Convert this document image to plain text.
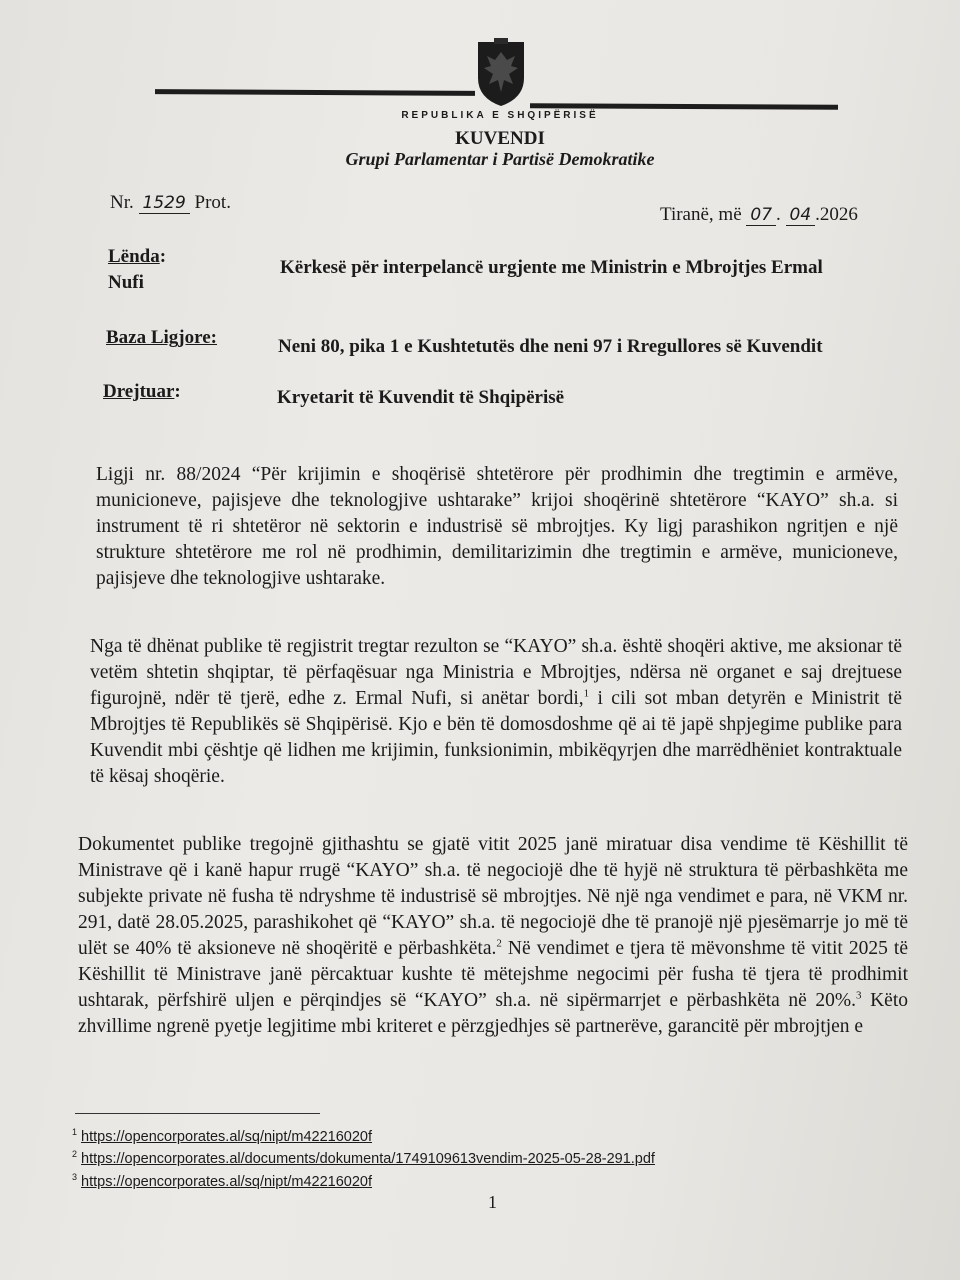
REPUBLIKA E SHQIPËRISË
KUVENDI
Grupi Parlamentar i Partisë Demokratike
Nr. 1529 Prot.
Tiranë, më 07 . 04 .2026
Lënda:
Nufi
Kërkesë për interpelancë urgjente me Ministrin e Mbrojtjes Ermal
Baza Ligjore:	Neni 80, pika 1 e Kushtetutës dhe neni 97 i Rregullores së Kuvendit
Drejtuar:	Kryetarit të Kuvendit të Shqipërisë

Ligji nr. 88/2024 “Për krijimin e shoqërisë shtetërore për prodhimin dhe tregtimin e armëve, municioneve, pajisjeve dhe teknologjive ushtarake” krijoi shoqërinë shtetërore “KAYO” sh.a. si instrument të ri shtetëror në sektorin e industrisë së mbrojtjes. Ky ligj parashikon ngritjen e një strukture shtetërore me rol në prodhimin, demilitarizimin dhe tregtimin e armëve, municioneve, pajisjeve dhe teknologjive ushtarake.

Nga të dhënat publike të regjistrit tregtar rezulton se “KAYO” sh.a. është shoqëri aktive, me aksionar të vetëm shtetin shqiptar, të përfaqësuar nga Ministria e Mbrojtjes, ndërsa në organet e saj drejtuese figurojnë, ndër të tjerë, edhe z. Ermal Nufi, si anëtar bordi,$^1$ i cili sot mban detyrën e Ministrit të Mbrojtjes të Republikës së Shqipërisë. Kjo e bën të domosdoshme që ai të japë shpjegime publike para Kuvendit mbi çështje që lidhen me krijimin, funksionimin, mbikëqyrjen dhe marrëdhëniet kontraktuale të kësaj shoqërie.

Dokumentet publike tregojnë gjithashtu se gjatë vitit 2025 janë miratuar disa vendime të Këshillit të Ministrave që i kanë hapur rrugë “KAYO” sh.a. të negociojë dhe të hyjë në struktura të përbashkëta me subjekte private në fusha të ndryshme të industrisë së mbrojtjes. Në një nga vendimet e para, në VKM nr. 291, datë 28.05.2025, parashikohet që “KAYO” sh.a. të negociojë dhe të pranojë një pjesëmarrje jo më të ulët se 40% të aksioneve në shoqëritë e përbashkëta.$^2$ Në vendimet e tjera të mëvonshme të vitit 2025 të Këshillit të Ministrave janë përcaktuar kushte të mëtejshme negocimi për fusha të tjera të prodhimit ushtarak, përfshirë uljen e përqindjes së “KAYO” sh.a. në sipërmarrjet e përbashkëta në 20%.$^3$ Këto zhvillime ngrenë pyetje legjitime mbi kriteret e përzgjedhjes së partnerëve, garancitë për mbrojtjen e

$^1$ https://opencorporates.al/sq/nipt/m42216020f
$^2$ https://opencorporates.al/documents/dokumenta/1749109613vendim-2025-05-28-291.pdf
$^3$ https://opencorporates.al/sq/nipt/m42216020f
1
